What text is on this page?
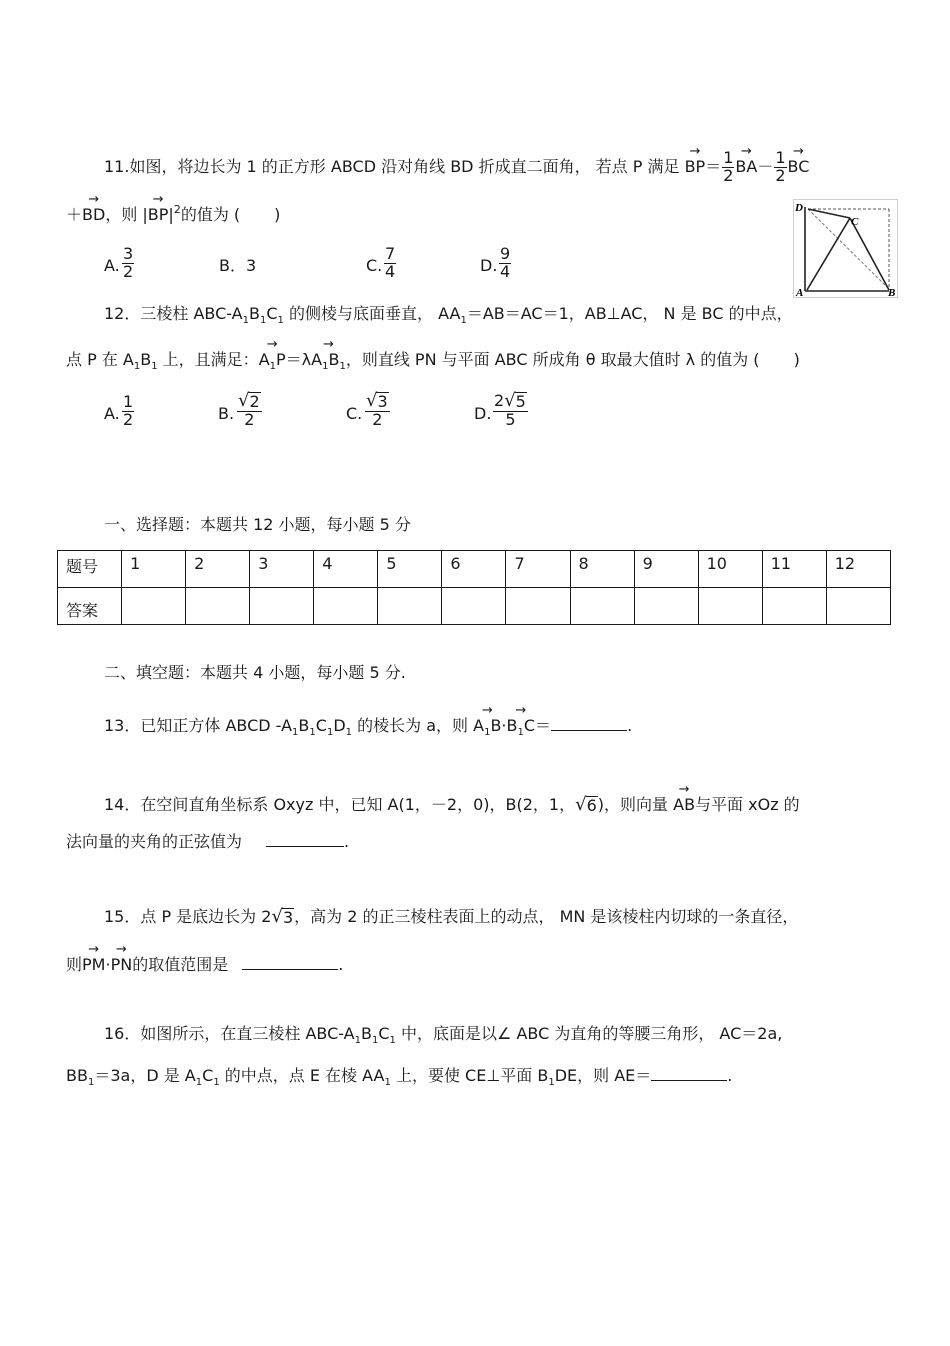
11.如图，将边长为 1 的正方形 ABCD 沿对角线 BD 折成直二面角， 若点 P 满足 → $BP= \frac{1}{2} \to BA- \frac{1}{2}$ → BC
＋→ BD，则 |→ $BP|^2$的值为 ( )
A. $\frac{3}{2}$	B．3	C. $\frac{7}{4}$	D. $\frac{9}{4}$
D
C
A	B
12．三棱柱 ABC-$A_1B_1C_1$ 的侧棱与底面垂直， $AA_1=AB=AC=1$，AB⊥AC， N 是 BC 的中点，
点 P 在 $A_1B_1$ 上，且满足：→ $A_1P=\lambda\to A_1B_1$，则直线 PN 与平面 ABC 所成角 θ 取最大值时 λ 的值为 ( )
A. $\frac{1}{2}$	B. $\frac{√ 2}{2}$	C. $\frac{√ 3}{2}$	D. $\frac{2 √ 5}{5}$
一、选择题：本题共 12 小题，每小题 5 分
题号	1	2	3	4	5	6	7	8	9	10	11	12

答案												

二、填空题：本题共 4 小题，每小题 5 分.
13．已知正方体 ABCD $-A_1B_1C_1D_1$ 的棱长为 a，则 → $A_1B\cdot\to B_1C=$	.
14．在空间直角坐标系 Oxyz 中，已知 A(1，－2，0)，B(2，1， √ 6 )，则向量 → AB与平面 xOz 的
法向量的夹角的正弦值为	.
15．点 P 是底边长为 2 √ 3 ，高为 2 的正三棱柱表面上的动点， MN 是该棱柱内切球的一条直径，
则→ PM·→ PN的取值范围是	.
16．如图所示，在直三棱柱 ABC-$A_1B_1C_1$ 中，底面是以∠ ABC 为直角的等腰三角形， AC＝2a,
$BB_1=3a$，D 是 $A_1C_1$ 的中点，点 E 在棱 $AA_1$ 上，要使 CE⊥平面 $B_1DE$，则 AE＝	.
